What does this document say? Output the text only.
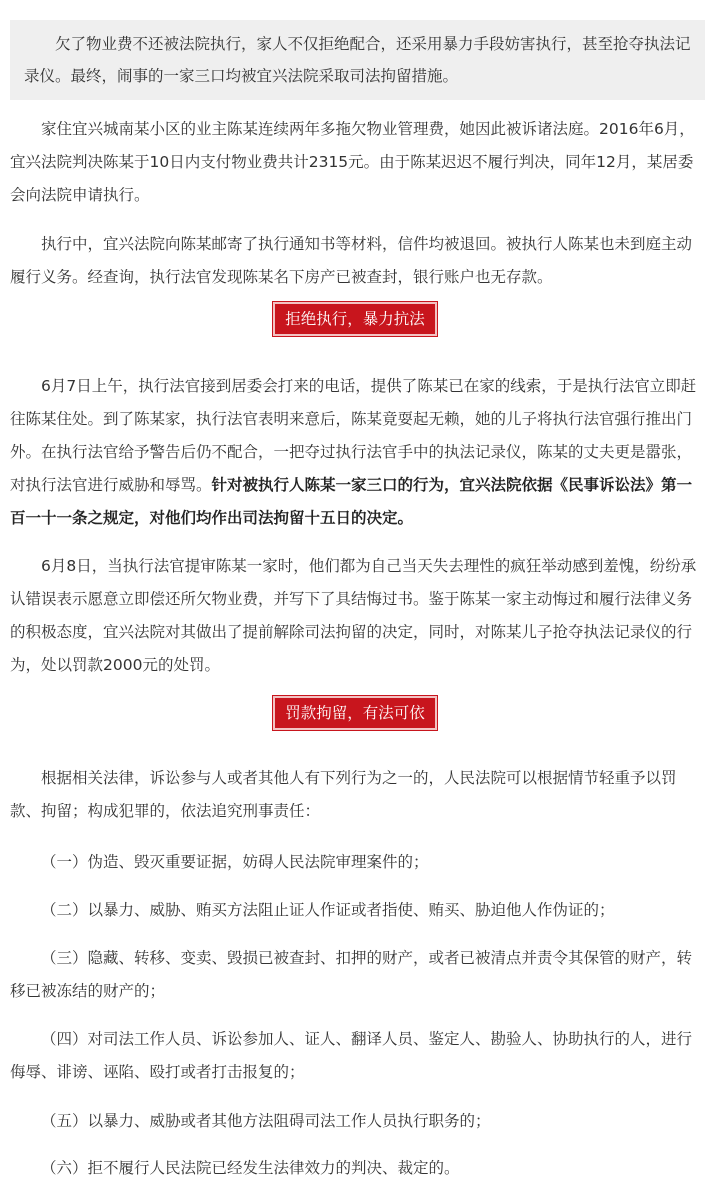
欠了物业费不还被法院执行，家人不仅拒绝配合，还采用暴力手段妨害执行，甚至抢夺执法记录仪。最终，闹事的一家三口均被宜兴法院采取司法拘留措施。

家住宜兴城南某小区的业主陈某连续两年多拖欠物业管理费，她因此被诉诸法庭。2016年6月，宜兴法院判决陈某于10日内支付物业费共计2315元。由于陈某迟迟不履行判决，同年12月，某居委会向法院申请执行。

执行中，宜兴法院向陈某邮寄了执行通知书等材料，信件均被退回。被执行人陈某也未到庭主动履行义务。经查询，执行法官发现陈某名下房产已被查封，银行账户也无存款。

拒绝执行，暴力抗法

6月7日上午，执行法官接到居委会打来的电话，提供了陈某已在家的线索，于是执行法官立即赶往陈某住处。到了陈某家，执行法官表明来意后，陈某竟耍起无赖，她的儿子将执行法官强行推出门外。在执行法官给予警告后仍不配合，一把夺过执行法官手中的执法记录仪，陈某的丈夫更是嚣张，对执行法官进行威胁和辱骂。针对被执行人陈某一家三口的行为，宜兴法院依据《民事诉讼法》第一百一十一条之规定，对他们均作出司法拘留十五日的决定。

6月8日，当执行法官提审陈某一家时，他们都为自己当天失去理性的疯狂举动感到羞愧，纷纷承认错误表示愿意立即偿还所欠物业费，并写下了具结悔过书。鉴于陈某一家主动悔过和履行法律义务的积极态度，宜兴法院对其做出了提前解除司法拘留的决定，同时，对陈某儿子抢夺执法记录仪的行为，处以罚款2000元的处罚。

罚款拘留，有法可依

根据相关法律，诉讼参与人或者其他人有下列行为之一的，人民法院可以根据情节轻重予以罚款、拘留；构成犯罪的，依法追究刑事责任：

（一）伪造、毁灭重要证据，妨碍人民法院审理案件的；

（二）以暴力、威胁、贿买方法阻止证人作证或者指使、贿买、胁迫他人作伪证的；

（三）隐藏、转移、变卖、毁损已被查封、扣押的财产，或者已被清点并责令其保管的财产，转移已被冻结的财产的；

（四）对司法工作人员、诉讼参加人、证人、翻译人员、鉴定人、勘验人、协助执行的人，进行侮辱、诽谤、诬陷、殴打或者打击报复的；

（五）以暴力、威胁或者其他方法阻碍司法工作人员执行职务的；

（六）拒不履行人民法院已经发生法律效力的判决、裁定的。
